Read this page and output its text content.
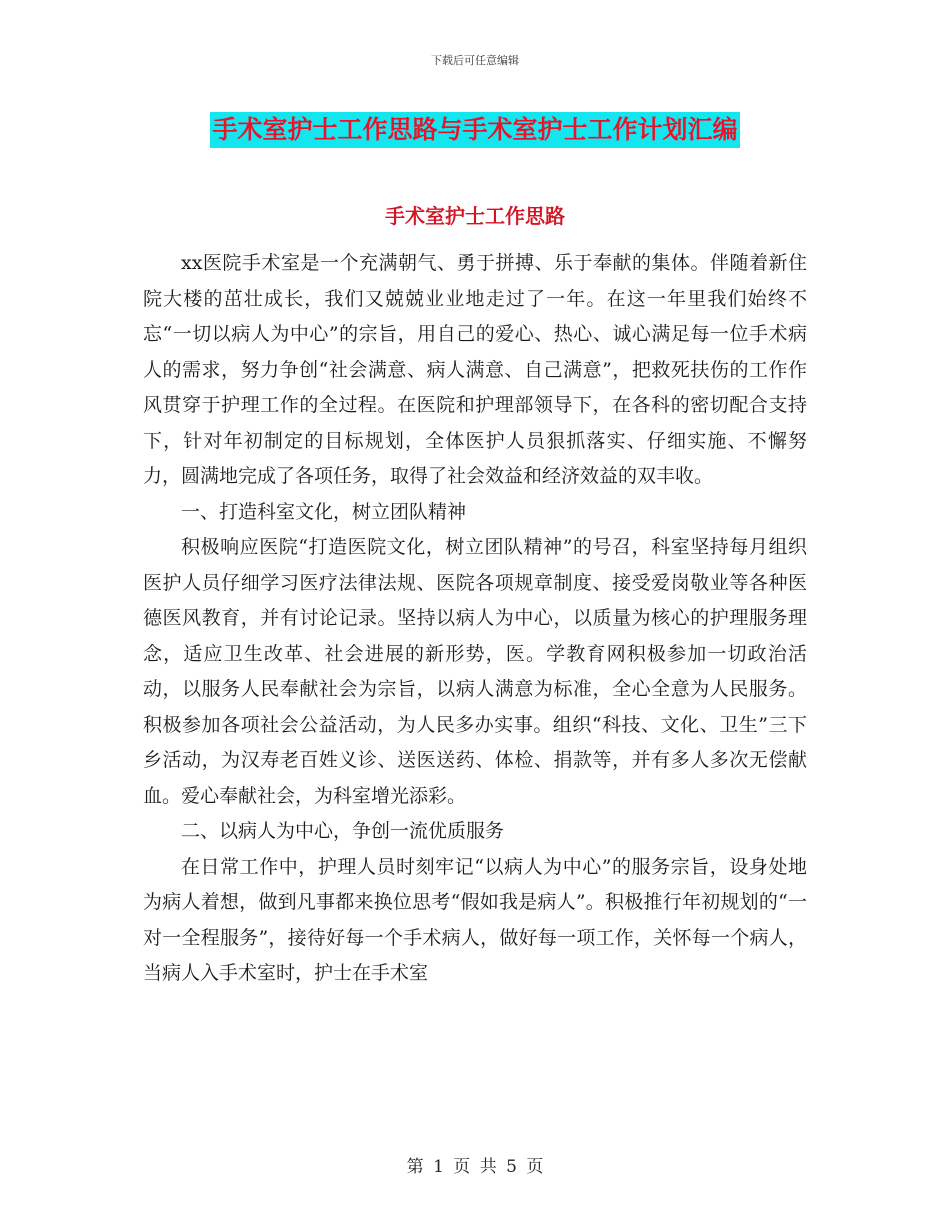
下载后可任意编辑
手术室护士工作思路与手术室护士工作计划汇编
手术室护士工作思路

xx医院手术室是一个充满朝气、勇于拼搏、乐于奉献的集体。伴随着新住院大楼的茁壮成长，我们又兢兢业业地走过了一年。在这一年里我们始终不忘“一切以病人为中心”的宗旨，用自己的爱心、热心、诚心满足每一位手术病人的需求，努力争创“社会满意、病人满意、自己满意”，把救死扶伤的工作作风贯穿于护理工作的全过程。在医院和护理部领导下，在各科的密切配合支持下，针对年初制定的目标规划，全体医护人员狠抓落实、仔细实施、不懈努力，圆满地完成了各项任务，取得了社会效益和经济效益的双丰收。

一、打造科室文化，树立团队精神

积极响应医院“打造医院文化，树立团队精神”的号召，科室坚持每月组织医护人员仔细学习医疗法律法规、医院各项规章制度、接受爱岗敬业等各种医德医风教育，并有讨论记录。坚持以病人为中心，以质量为核心的护理服务理念，适应卫生改革、社会进展的新形势，医。学教育网积极参加一切政治活动，以服务人民奉献社会为宗旨，以病人满意为标准，全心全意为人民服务。积极参加各项社会公益活动，为人民多办实事。组织“科技、文化、卫生”三下乡活动，为汉寿老百姓义诊、送医送药、体检、捐款等，并有多人多次无偿献血。爱心奉献社会，为科室增光添彩。

二、以病人为中心，争创一流优质服务

在日常工作中，护理人员时刻牢记“以病人为中心”的服务宗旨，设身处地为病人着想，做到凡事都来换位思考“假如我是病人”。积极推行年初规划的“一对一全程服务”，接待好每一个手术病人，做好每一项工作，关怀每一个病人，当病人入手术室时，护士在手术室

第 1 页 共 5 页
